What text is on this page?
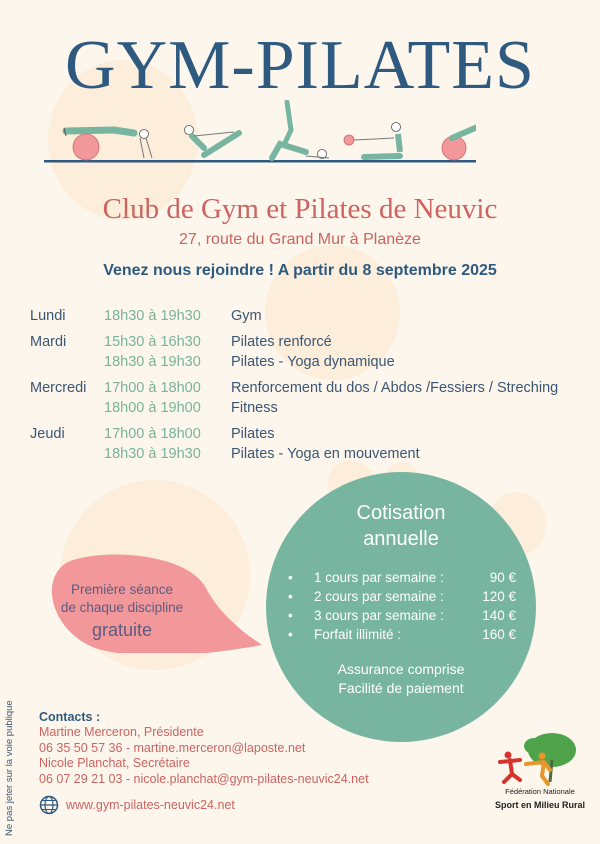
GYM-PILATES
Club de Gym et Pilates de Neuvic
27, route du Grand Mur à Planèze
Venez nous rejoindre ! A partir du 8 septembre 2025
Lundi	18h30 à 19h30	Gym
Mardi	15h30 à 16h30	Pilates renforcé
18h30 à 19h30	Pilates - Yoga dynamique
Mercredi	17h00 à 18h00	Renforcement du dos / Abdos /Fessiers / Streching
18h00 à 19h00	Fitness
Jeudi	17h00 à 18h00	Pilates
18h30 à 19h30	Pilates - Yoga en mouvement
Première séance
de chaque discipline
gratuite
Cotisation
annuelle
•	1 cours par semaine :	90 €
•	2 cours par semaine :	120 €
•	3 cours par semaine :	140 €
•	Forfait illimité :	160 €
Assurance comprise
Facilité de paiement
Ne pas jeter sur la voie publique Contacts :
Martine Merceron, Présidente
06 35 50 57 36 - martine.merceron@laposte.net
Nicole Planchat, Secrétaire
06 07 29 21 03 - nicole.planchat@gym-pilates-neuvic24.net
www.gym-pilates-neuvic24.net
Fédération Nationale
Sport en Milieu Rural
